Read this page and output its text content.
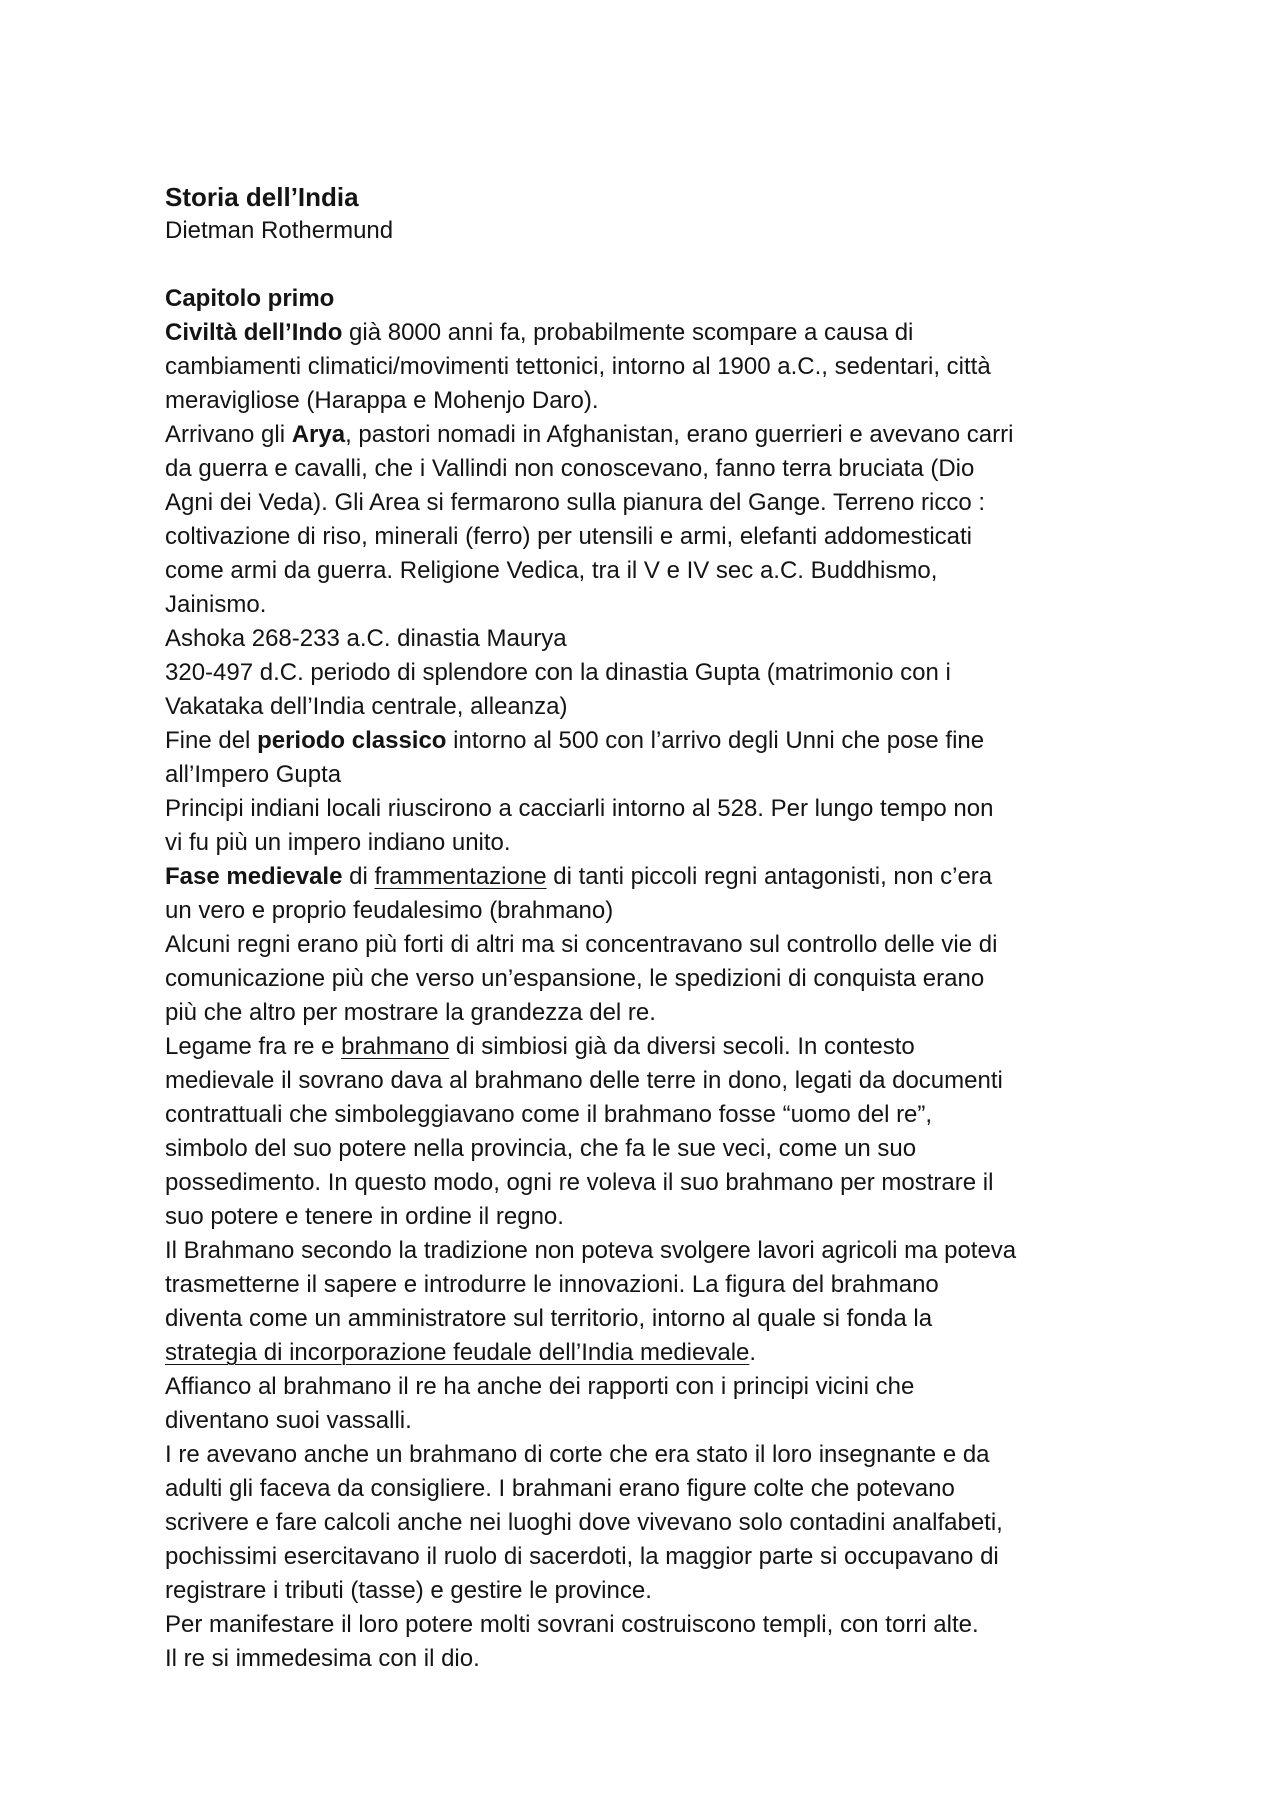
Storia dell’India
Dietman Rothermund
Capitolo primo
Civiltà dell’Indo già 8000 anni fa, probabilmente scompare a causa di
cambiamenti climatici/movimenti tettonici, intorno al 1900 a.C., sedentari, città
meravigliose (Harappa e Mohenjo Daro).
Arrivano gli Arya, pastori nomadi in Afghanistan, erano guerrieri e avevano carri
da guerra e cavalli, che i Vallindi non conoscevano, fanno terra bruciata (Dio
Agni dei Veda). Gli Area si fermarono sulla pianura del Gange. Terreno ricco :
coltivazione di riso, minerali (ferro) per utensili e armi, elefanti addomesticati
come armi da guerra. Religione Vedica, tra il V e IV sec a.C. Buddhismo,
Jainismo.
Ashoka 268-233 a.C. dinastia Maurya
320-497 d.C. periodo di splendore con la dinastia Gupta (matrimonio con i
Vakataka dell’India centrale, alleanza)
Fine del periodo classico intorno al 500 con l’arrivo degli Unni che pose fine
all’Impero Gupta
Principi indiani locali riuscirono a cacciarli intorno al 528. Per lungo tempo non
vi fu più un impero indiano unito.
Fase medievale di frammentazione di tanti piccoli regni antagonisti, non c’era
un vero e proprio feudalesimo (brahmano)
Alcuni regni erano più forti di altri ma si concentravano sul controllo delle vie di
comunicazione più che verso un’espansione, le spedizioni di conquista erano
più che altro per mostrare la grandezza del re.
Legame fra re e brahmano di simbiosi già da diversi secoli. In contesto
medievale il sovrano dava al brahmano delle terre in dono, legati da documenti
contrattuali che simboleggiavano come il brahmano fosse “uomo del re”,
simbolo del suo potere nella provincia, che fa le sue veci, come un suo
possedimento. In questo modo, ogni re voleva il suo brahmano per mostrare il
suo potere e tenere in ordine il regno.
Il Brahmano secondo la tradizione non poteva svolgere lavori agricoli ma poteva
trasmetterne il sapere e introdurre le innovazioni. La figura del brahmano
diventa come un amministratore sul territorio, intorno al quale si fonda la
strategia di incorporazione feudale dell’India medievale.
Affianco al brahmano il re ha anche dei rapporti con i principi vicini che
diventano suoi vassalli.
I re avevano anche un brahmano di corte che era stato il loro insegnante e da
adulti gli faceva da consigliere. I brahmani erano figure colte che potevano
scrivere e fare calcoli anche nei luoghi dove vivevano solo contadini analfabeti,
pochissimi esercitavano il ruolo di sacerdoti, la maggior parte si occupavano di
registrare i tributi (tasse) e gestire le province.
Per manifestare il loro potere molti sovrani costruiscono templi, con torri alte.
Il re si immedesima con il dio.
